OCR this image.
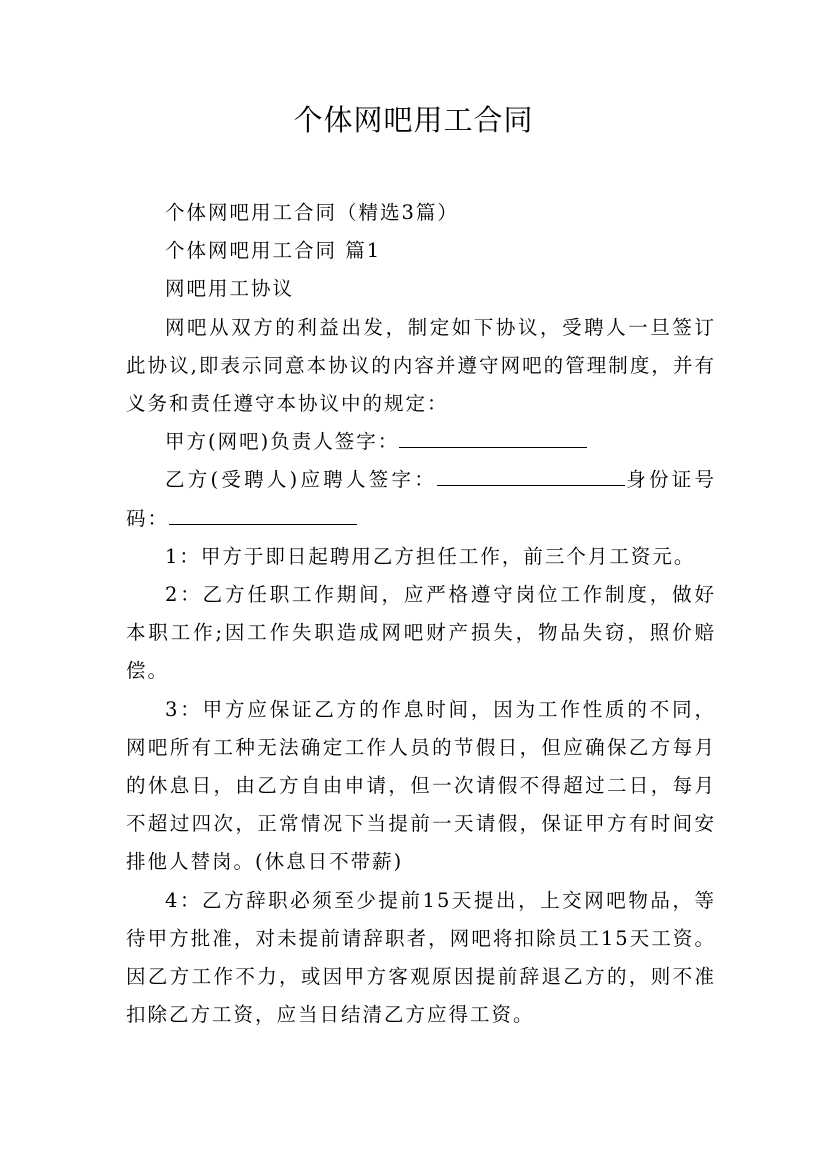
个体网吧用工合同

个体网吧用工合同（精选3篇）

个体网吧用工合同 篇1

网吧用工协议

网吧从双方的利益出发，制定如下协议，受聘人一旦签订此协议,即表示同意本协议的内容并遵守网吧的管理制度，并有义务和责任遵守本协议中的规定：

甲方(网吧)负责人签字：

乙方(受聘人)应聘人签字：	身份证号码：

1：甲方于即日起聘用乙方担任工作，前三个月工资元。

2：乙方任职工作期间，应严格遵守岗位工作制度，做好本职工作;因工作失职造成网吧财产损失，物品失窃，照价赔偿。

3：甲方应保证乙方的作息时间，因为工作性质的不同，网吧所有工种无法确定工作人员的节假日，但应确保乙方每月的休息日，由乙方自由申请，但一次请假不得超过二日，每月不超过四次，正常情况下当提前一天请假，保证甲方有时间安排他人替岗。(休息日不带薪)

4：乙方辞职必须至少提前15天提出，上交网吧物品，等待甲方批准，对未提前请辞职者，网吧将扣除员工15天工资。因乙方工作不力，或因甲方客观原因提前辞退乙方的，则不准扣除乙方工资，应当日结清乙方应得工资。
